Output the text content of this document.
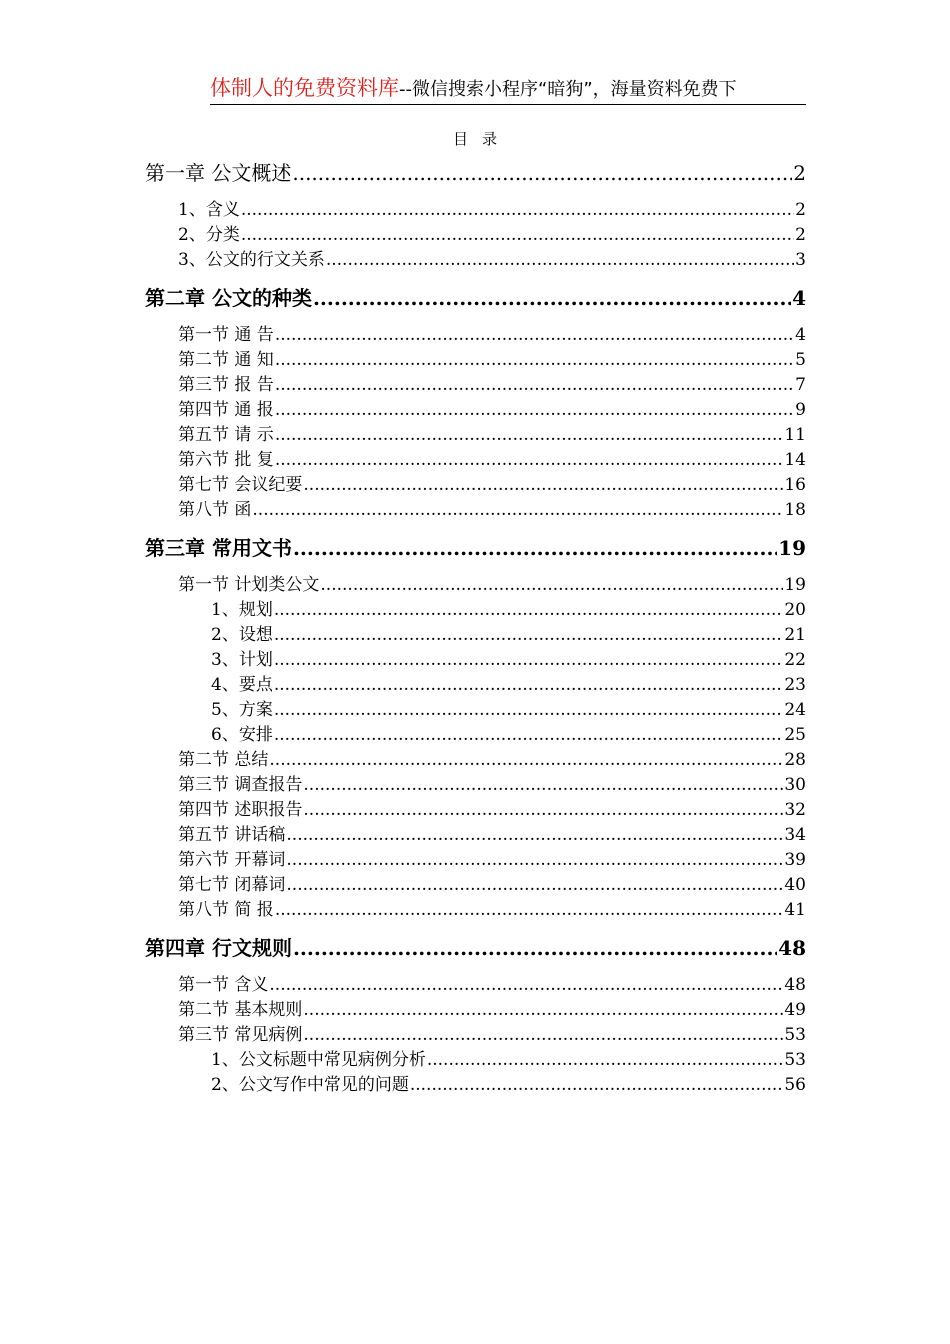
体制人的免费资料库--微信搜索小程序“暗狗”，海量资料免费下
目录
第一章 公文概述 .....	2
1、含义 .....	2
2、分类 .....	2
3、公文的行文关系 .....	3
第二章 公文的种类 .....	4
第一节 通 告 .....	4
第二节 通 知 .....	5
第三节 报 告 .....	7
第四节 通 报 .....	9
第五节 请 示 .....	11
第六节 批 复 .....	14
第七节 会议纪要 .....	16
第八节 函 .....	18
第三章 常用文书 .....	19
第一节 计划类公文 .....	19
1、规划 .....	20
2、设想 .....	21
3、计划 .....	22
4、要点 .....	23
5、方案 .....	24
6、安排 .....	25
第二节 总结 .....	28
第三节 调查报告 .....	30
第四节 述职报告 .....	32
第五节 讲话稿 .....	34
第六节 开幕词 .....	39
第七节 闭幕词 .....	40
第八节 简 报 .....	41
第四章 行文规则 .....	48
第一节 含义 .....	48
第二节 基本规则 .....	49
第三节 常见病例 .....	53
1、公文标题中常见病例分析 .....	53
2、公文写作中常见的问题 .....	56
